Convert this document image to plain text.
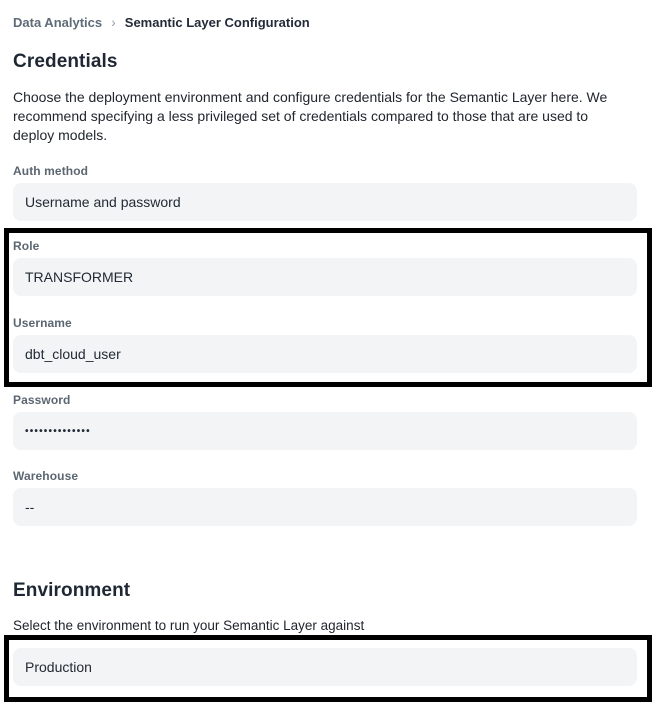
Data Analytics › Semantic Layer Configuration
Credentials

Choose the deployment environment and configure credentials for the Semantic Layer here. We recommend specifying a less privileged set of credentials compared to those that are used to deploy models.

Auth method
Username and password
Role
TRANSFORMER
Username
dbt_cloud_user
Password
••••••••••••••
Warehouse
--
Environment

Select the environment to run your Semantic Layer against

Production
